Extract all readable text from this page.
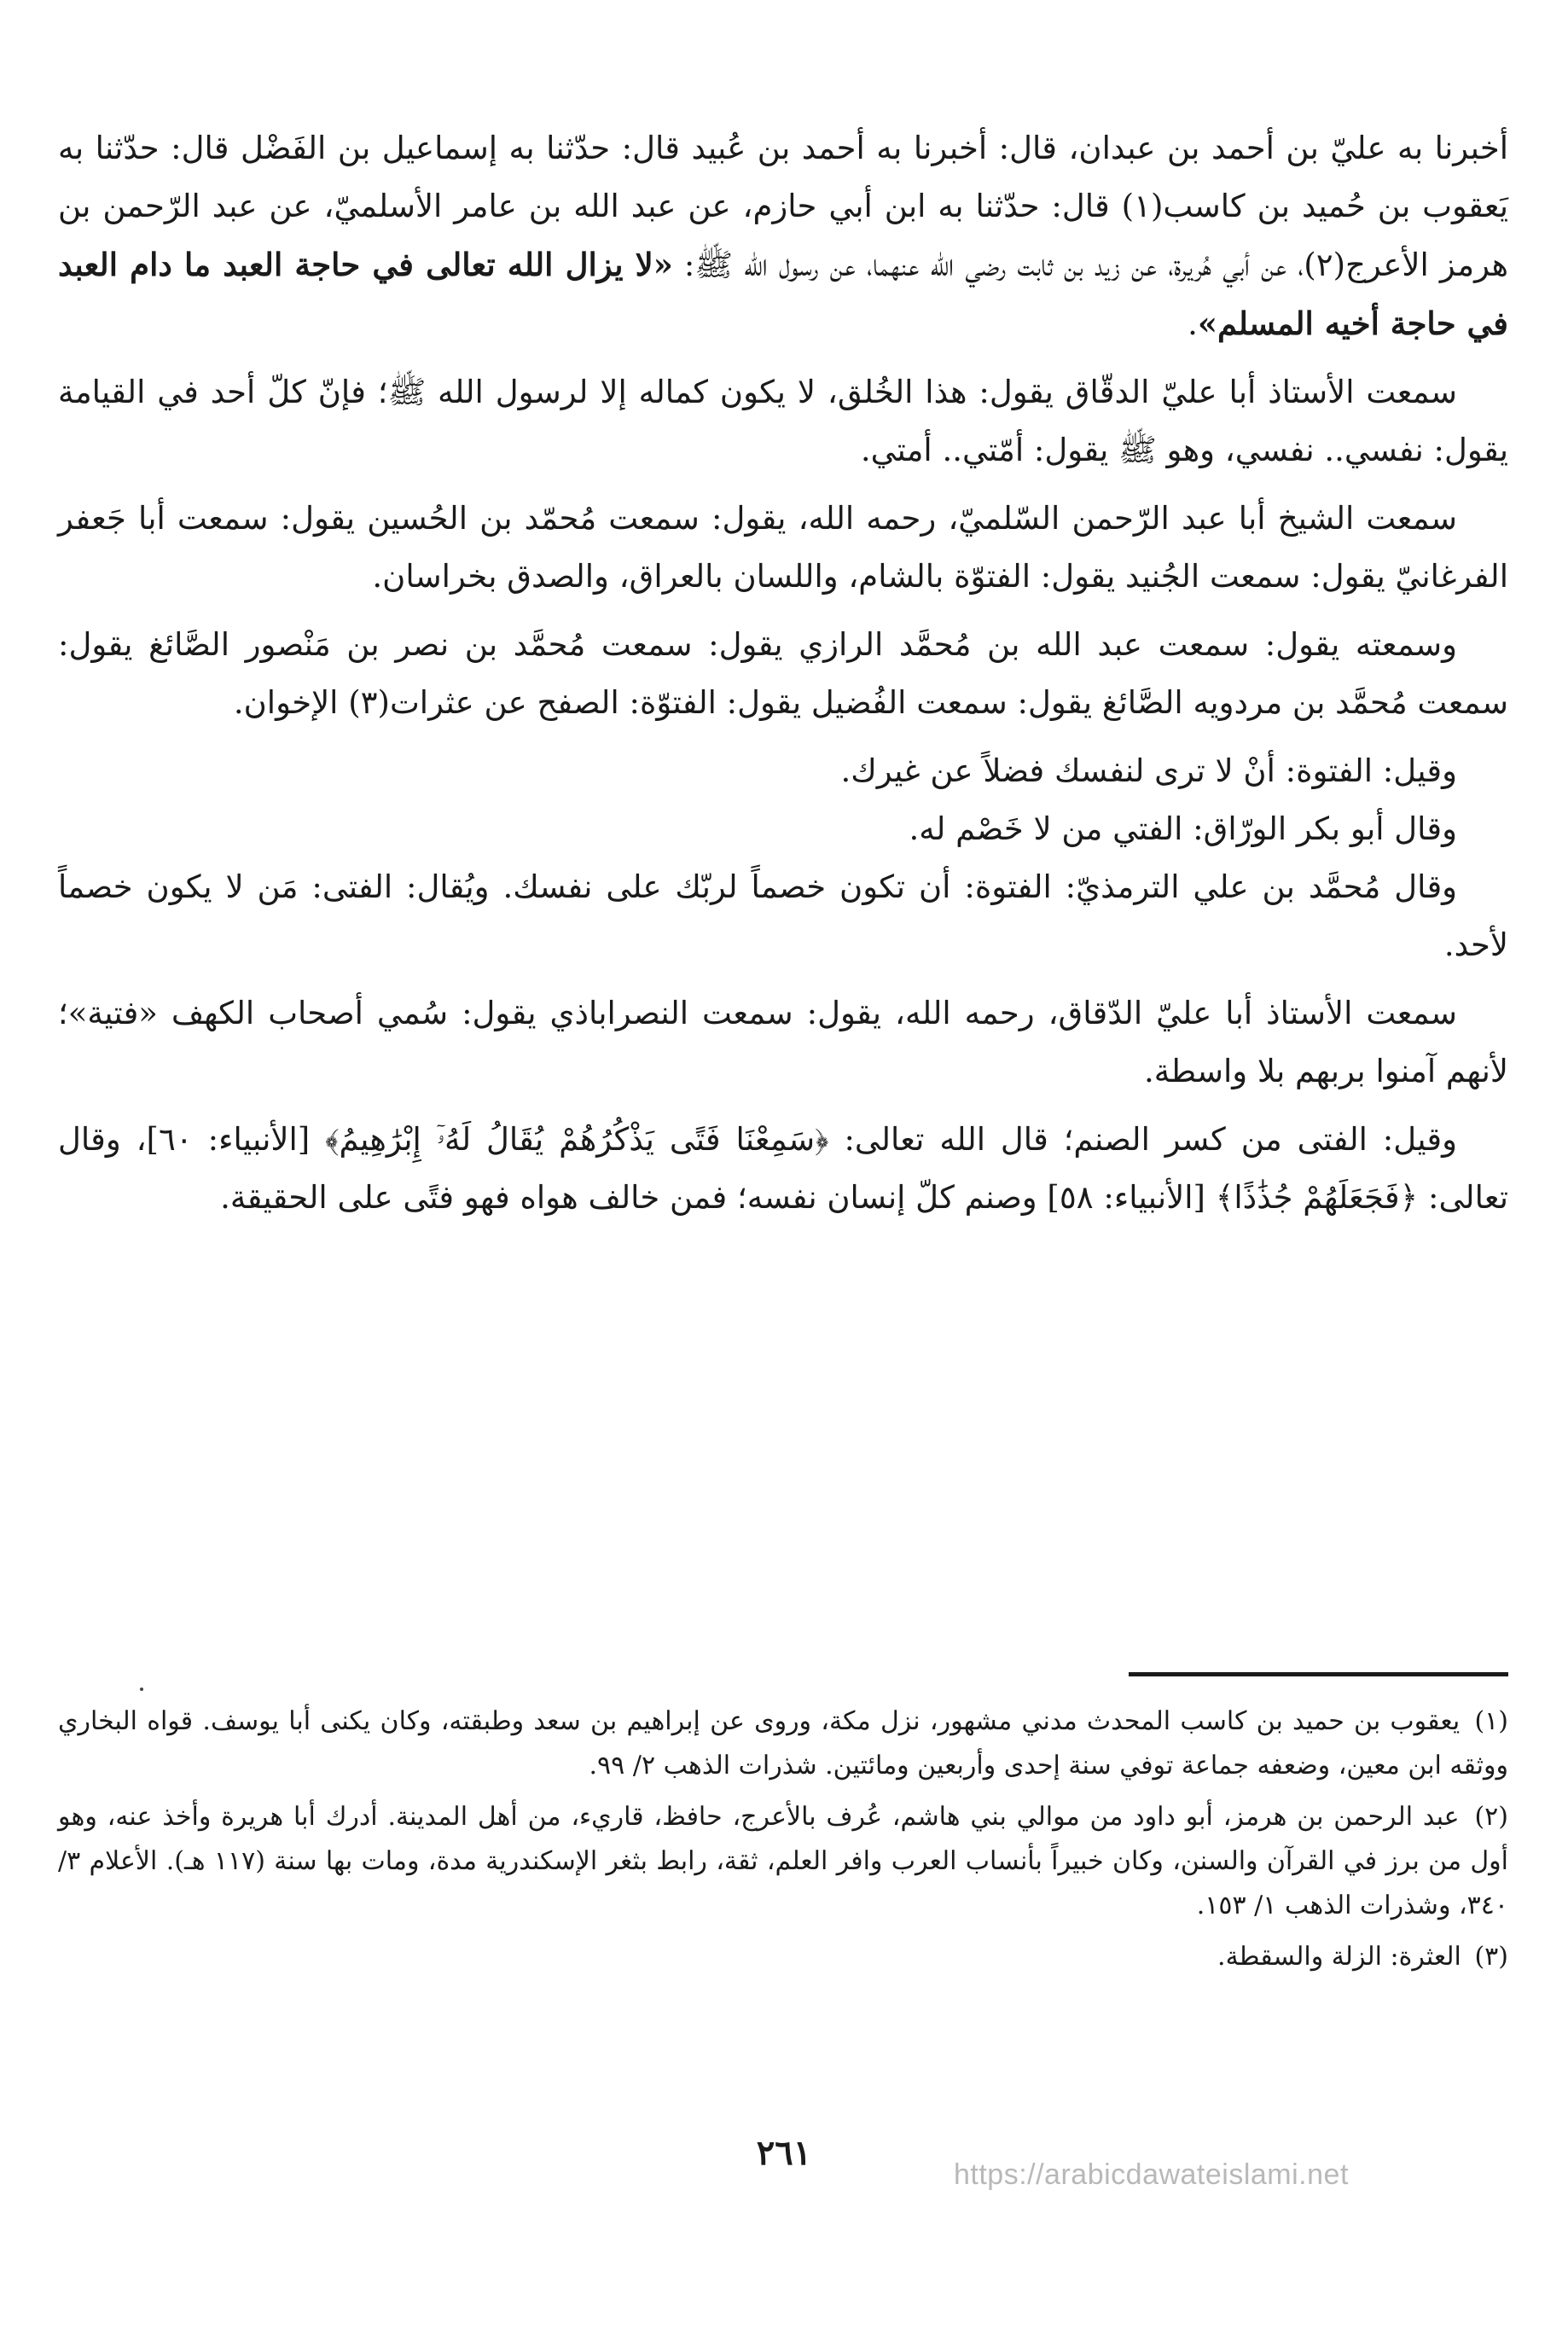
أخبرنا به عليّ بن أحمد بن عبدان، قال: أخبرنا به أحمد بن عُبيد قال: حدّثنا به إسماعيل بن الفَضْل قال: حدّثنا به يَعقوب بن حُميد بن كاسب(١) قال: حدّثنا به ابن أبي حازم، عن عبد الله بن عامر الأسلميّ، عن عبد الرّحمن بن هرمز الأعرج(٢)، عن أبي هُريرة، عن زيد بن ثابت رضي الله عنهما، عن رسول الله ﷺ: «لا يزال الله تعالى في حاجة العبد ما دام العبد في حاجة أخيه المسلم».

سمعت الأستاذ أبا عليّ الدقّاق يقول: هذا الخُلق، لا يكون كماله إلا لرسول الله ﷺ؛ فإنّ كلّ أحد في القيامة يقول: نفسي.. نفسي، وهو ﷺ يقول: أمّتي.. أمتي.

سمعت الشيخ أبا عبد الرّحمن السّلميّ، رحمه الله، يقول: سمعت مُحمّد بن الحُسين يقول: سمعت أبا جَعفر الفرغانيّ يقول: سمعت الجُنيد يقول: الفتوّة بالشام، واللسان بالعراق، والصدق بخراسان.

وسمعته يقول: سمعت عبد الله بن مُحمَّد الرازي يقول: سمعت مُحمَّد بن نصر بن مَنْصور الصَّائغ يقول: سمعت مُحمَّد بن مردويه الصَّائغ يقول: سمعت الفُضيل يقول: الفتوّة: الصفح عن عثرات(٣) الإخوان.

وقيل: الفتوة: أنْ لا ترى لنفسك فضلاً عن غيرك.

وقال أبو بكر الورّاق: الفتي من لا خَصْم له.

وقال مُحمَّد بن علي الترمذيّ: الفتوة: أن تكون خصماً لربّك على نفسك. ويُقال: الفتى: مَن لا يكون خصماً لأحد.

سمعت الأستاذ أبا عليّ الدّقاق، رحمه الله، يقول: سمعت النصراباذي يقول: سُمي أصحاب الكهف «فتية»؛ لأنهم آمنوا بربهم بلا واسطة.

وقيل: الفتى من كسر الصنم؛ قال الله تعالى: ﴿سَمِعْنَا فَتًى يَذْكُرُهُمْ يُقَالُ لَهُۥٓ إِبْرَٰهِيمُ﴾ [الأنبياء: ٦٠]، وقال تعالى: ﴿فَجَعَلَهُمْ جُذَٰذًا﴾ [الأنبياء: ٥٨] وصنم كلّ إنسان نفسه؛ فمن خالف هواه فهو فتًى على الحقيقة.

(١) يعقوب بن حميد بن كاسب المحدث مدني مشهور، نزل مكة، وروى عن إبراهيم بن سعد وطبقته، وكان يكنى أبا يوسف. قواه البخاري ووثقه ابن معين، وضعفه جماعة توفي سنة إحدى وأربعين ومائتين. شذرات الذهب ٢/ ٩٩.

(٢) عبد الرحمن بن هرمز، أبو داود من موالي بني هاشم، عُرف بالأعرج، حافظ، قاريء، من أهل المدينة. أدرك أبا هريرة وأخذ عنه، وهو أول من برز في القرآن والسنن، وكان خبيراً بأنساب العرب وافر العلم، ثقة، رابط بثغر الإسكندرية مدة، ومات بها سنة (١١٧ هـ). الأعلام ٣/ ٣٤٠، وشذرات الذهب ١/ ١٥٣.

(٣) العثرة: الزلة والسقطة.

٢٦١
https://arabicdawateislami.net
